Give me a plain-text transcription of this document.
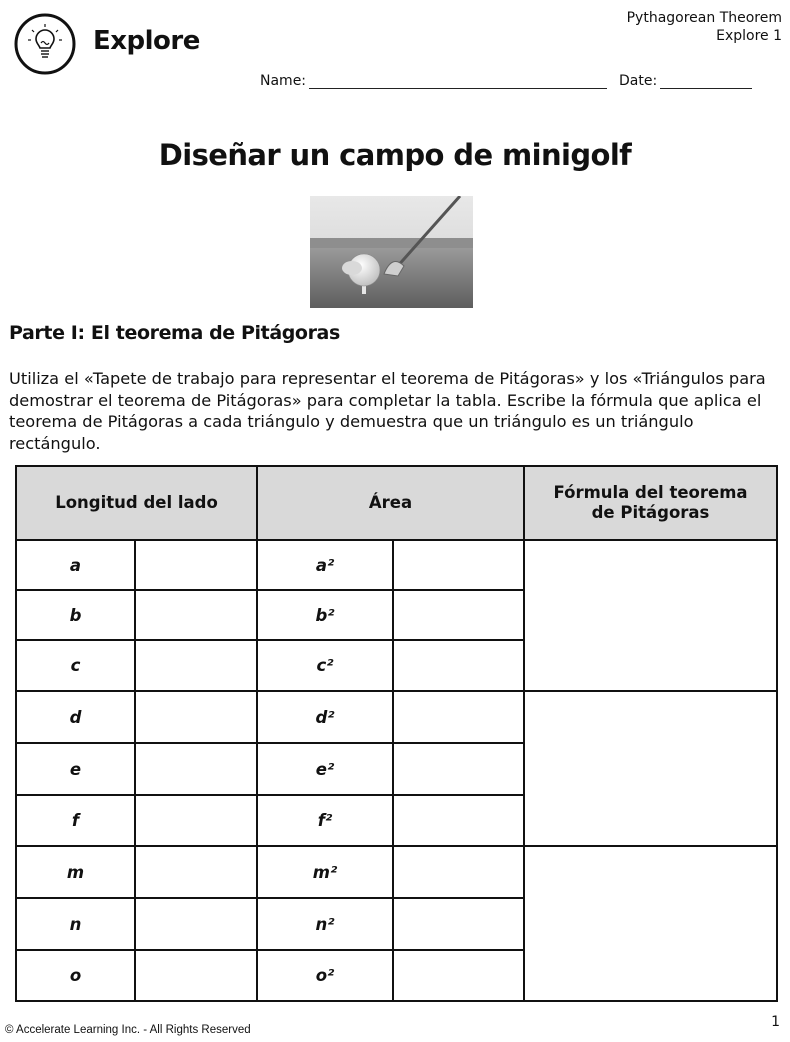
Explore
Pythagorean Theorem
Explore 1
Name:	Date:
Diseñar un campo de minigolf
Parte I: El teorema de Pitágoras

Utiliza el «Tapete de trabajo para representar el teorema de Pitágoras» y los «Triángulos para demostrar el teorema de Pitágoras» para completar la tabla. Escribe la fórmula que aplica el teorema de Pitágoras a cada triángulo y demuestra que un triángulo es un triángulo rectángulo.

Longitud del lado		Área		Fórmula del teorema de Pitágoras

a		a²		
b		b²		
c		c²		
d		d²		
e		e²		
f		f²		
m		m²		
n		n²		
o		o²		
© Accelerate Learning Inc. - All Rights Reserved	1
